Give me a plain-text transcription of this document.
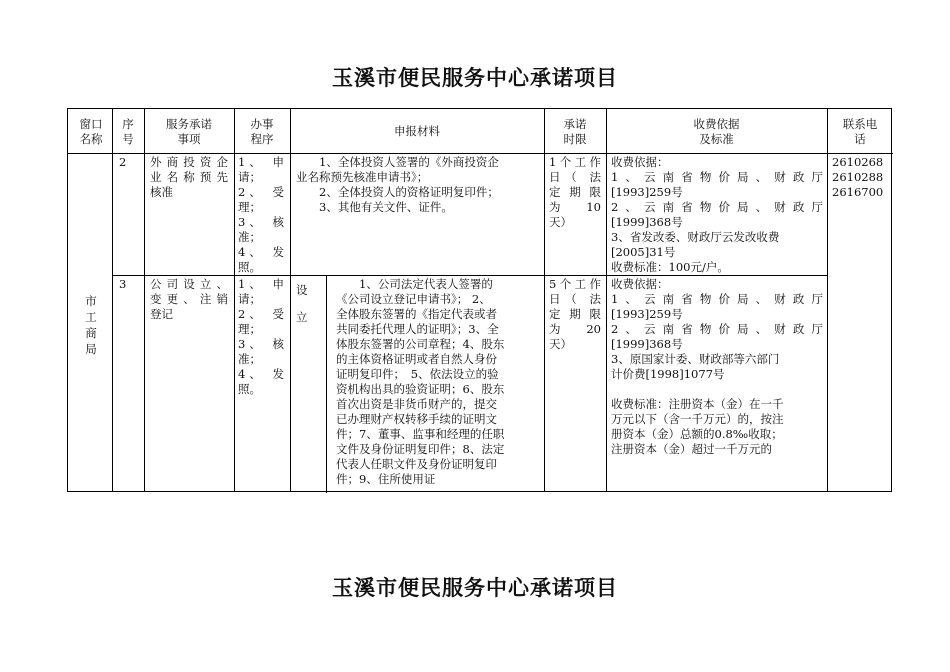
玉溪市便民服务中心承诺项目
窗口
名称
序
号
服务承诺
事项
办事
程序
申报材料	承诺
时限
收费依据
及标准
联系电
话
市
工
商
局
2 外商投资企
业名称预先
核准
1、 申
请；
2、 受
理；
3、 核
准；
4、 发
照。
　　1、全体投资人签署的《外商投资企
业名称预先核准申请书》；
　　2、全体投资人的资格证明复印件；
　　3、其他有关文件、证件。
1个工作
日（ 法
定 期 限
为　　10
天）
收费依据：
1、云南省物价局、财政厅
[1993]259号
2、云南省物价局、财政厅
[1999]368号
3、省发改委、财政厅云发改收费
[2005]31号
收费标准：100元/户。
2610268
2610288
2616700
3 公司设立、
变更、注销
登记
1、 申
请；
2、 受
理；
3、 核
准；
4、 发
照。
设
立
　　1、公司法定代表人签署的
《公司设立登记申请书》； 2、
全体股东签署的《指定代表或者
共同委托代理人的证明》；3、全
体股东签署的公司章程；4、股东
的主体资格证明或者自然人身份
证明复印件；　5、依法设立的验
资机构出具的验资证明；6、股东
首次出资是非货币财产的，提交
已办理财产权转移手续的证明文
件；7、董事、监事和经理的任职
文件及身份证明复印件；8、法定
代表人任职文件及身份证明复印
件；9、住所使用证
5个工作
日（ 法
定 期 限
为　　20
天）
收费依据：
1、云南省物价局、财政厅
[1993]259号
2、云南省物价局、财政厅
[1999]368号
3、原国家计委、财政部等六部门
计价费[1998]1077号
收费标准：注册资本（金）在一千
万元以下（含一千万元）的，按注
册资本（金）总额的0.8‰收取；
注册资本（金）超过一千万元的
玉溪市便民服务中心承诺项目
